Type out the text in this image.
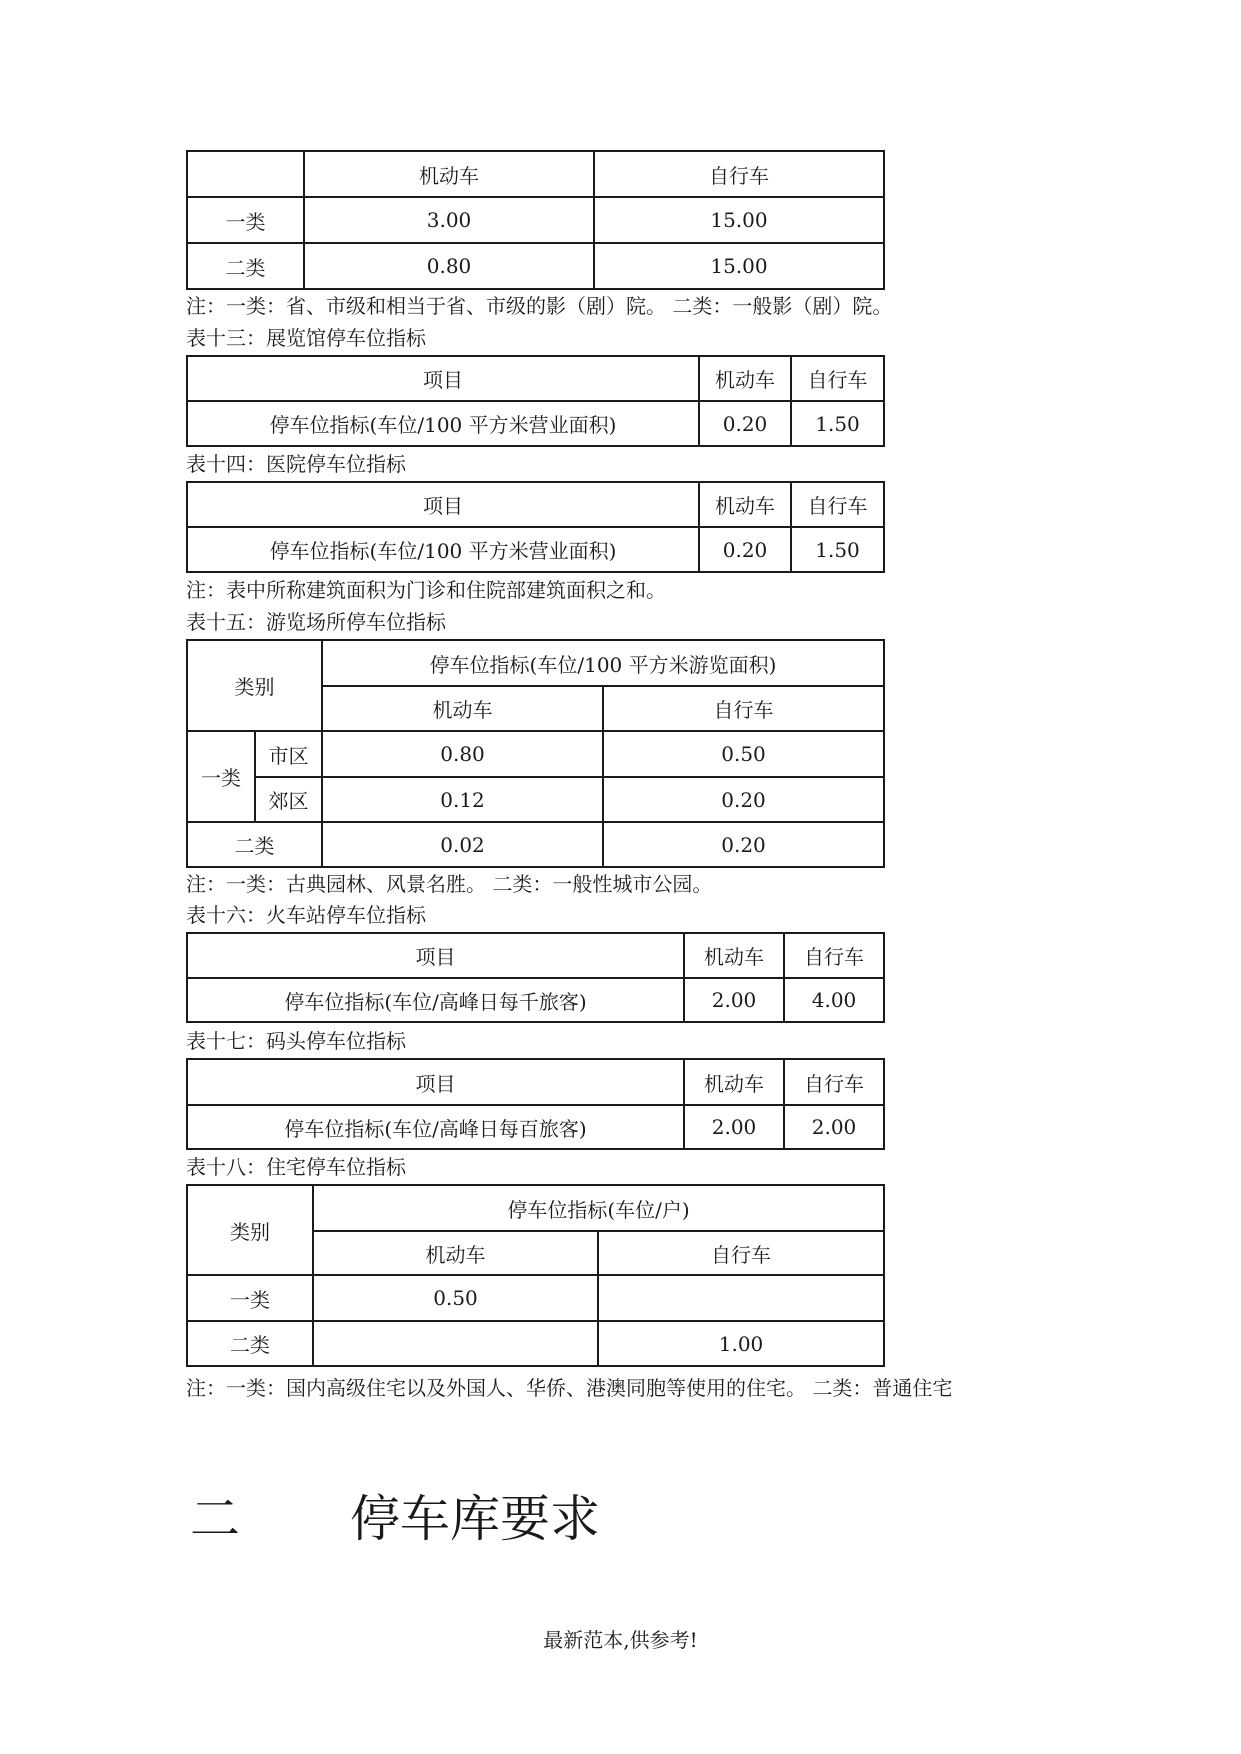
	机动车	自行车
一类	3.00	15.00
二类	0.80	15.00
注：一类：省、市级和相当于省、市级的影（剧）院。 二类：一般影（剧）院。
表十三：展览馆停车位指标
项目	机动车	自行车
停车位指标(车位/100 平方米营业面积)	0.20	1.50
表十四：医院停车位指标
项目	机动车	自行车
停车位指标(车位/100 平方米营业面积)	0.20	1.50
注：表中所称建筑面积为门诊和住院部建筑面积之和。
表十五：游览场所停车位指标
类别		停车位指标(车位/100 平方米游览面积)	
		机动车	自行车
一类	市区	0.80	0.50
	郊区	0.12	0.20
二类		0.02	0.20
注：一类：古典园林、风景名胜。 二类：一般性城市公园。
表十六：火车站停车位指标
项目	机动车	自行车
停车位指标(车位/高峰日每千旅客)	2.00	4.00
表十七：码头停车位指标
项目	机动车	自行车
停车位指标(车位/高峰日每百旅客)	2.00	2.00
表十八：住宅停车位指标
类别	停车位指标(车位/户)	
	机动车	自行车
一类	0.50	
二类		1.00
注：一类：国内高级住宅以及外国人、华侨、港澳同胞等使用的住宅。 二类：普通住宅
二 停车库要求
最新范本,供参考!
